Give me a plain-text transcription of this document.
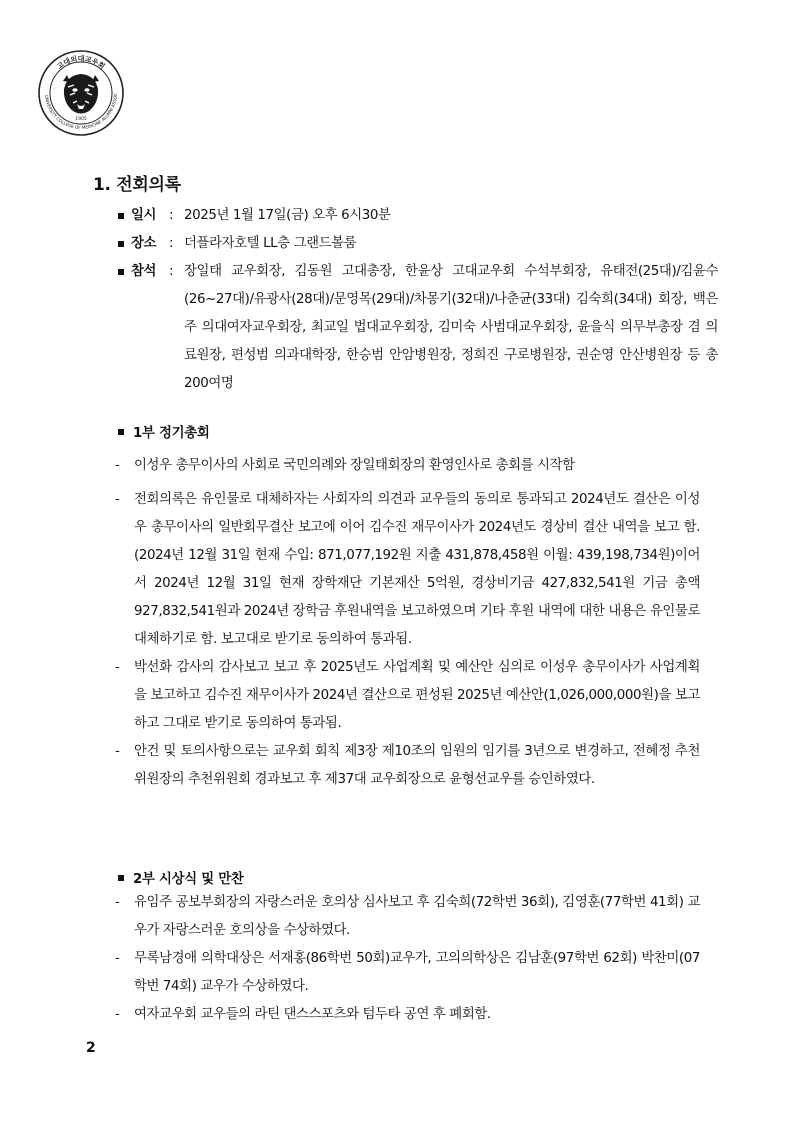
고대의대교우회
UNIVERSITY COLLEGE OF MEDICINE ALUMNI ASSOC
1905
1. 전회의록
일시 : 2025년 1월 17일(금) 오후 6시30분
장소 : 더플라자호텔 LL층 그랜드볼룸
참석 : 장일태 교우회장, 김동원 고대총장, 한윤상 고대교우회 수석부회장, 유태전(25대)/김윤수(26~27대)/유광사(28대)/문영목(29대)/차몽기(32대)/나춘균(33대) 김숙희(34대) 회장, 백은주 의대여자교우회장, 최교일 법대교우회장, 김미숙 사범대교우회장, 윤을식 의무부총장 겸 의료원장, 편성범 의과대학장, 한승범 안암병원장, 정희진 구로병원장, 권순영 안산병원장 등 총200여명
1부 정기총회
- 이성우 총무이사의 사회로 국민의례와 장일태회장의 환영인사로 총회를 시작함
- 전회의록은 유인물로 대체하자는 사회자의 의견과 교우들의 동의로 통과되고 2024년도 결산은 이성우 총무이사의 일반회무결산 보고에 이어 김수진 재무이사가 2024년도 경상비 결산 내역을 보고 함.(2024년 12월 31일 현재 수입: 871,077,192원 지출 431,878,458원 이월: 439,198,734원)이어서 2024년 12월 31일 현재 장학재단 기본재산 5억원, 경상비기금 427,832,541원 기금 총액 927,832,541원과 2024년 장학금 후원내역을 보고하였으며 기타 후원 내역에 대한 내용은 유인물로 대체하기로 함. 보고대로 받기로 동의하여 통과됨.
- 박선화 감사의 감사보고 보고 후 2025년도 사업계획 및 예산안 심의로 이성우 총무이사가 사업계획을 보고하고 김수진 재무이사가 2024년 결산으로 편성된 2025년 예산안(1,026,000,000원)을 보고하고 그대로 받기로 동의하여 통과됨.
- 안건 및 토의사항으로는 교우회 회칙 제3장 제10조의 임원의 임기를 3년으로 변경하고, 전혜정 추천위원장의 추천위원회 경과보고 후 제37대 교우회장으로 윤형선교우를 승인하였다.
2부 시상식 및 만찬
- 유임주 공보부회장의 자랑스러운 호의상 심사보고 후 김숙희(72학번 36회), 김영훈(77학번 41회) 교우가 자랑스러운 호의상을 수상하였다.
- 무록남경애 의학대상은 서재홍(86학번 50회)교우가, 고의의학상은 김남훈(97학번 62회) 박찬미(07학번 74회) 교우가 수상하였다.
- 여자교우회 교우들의 라틴 댄스스포츠와 텀두타 공연 후 폐회함.

2
